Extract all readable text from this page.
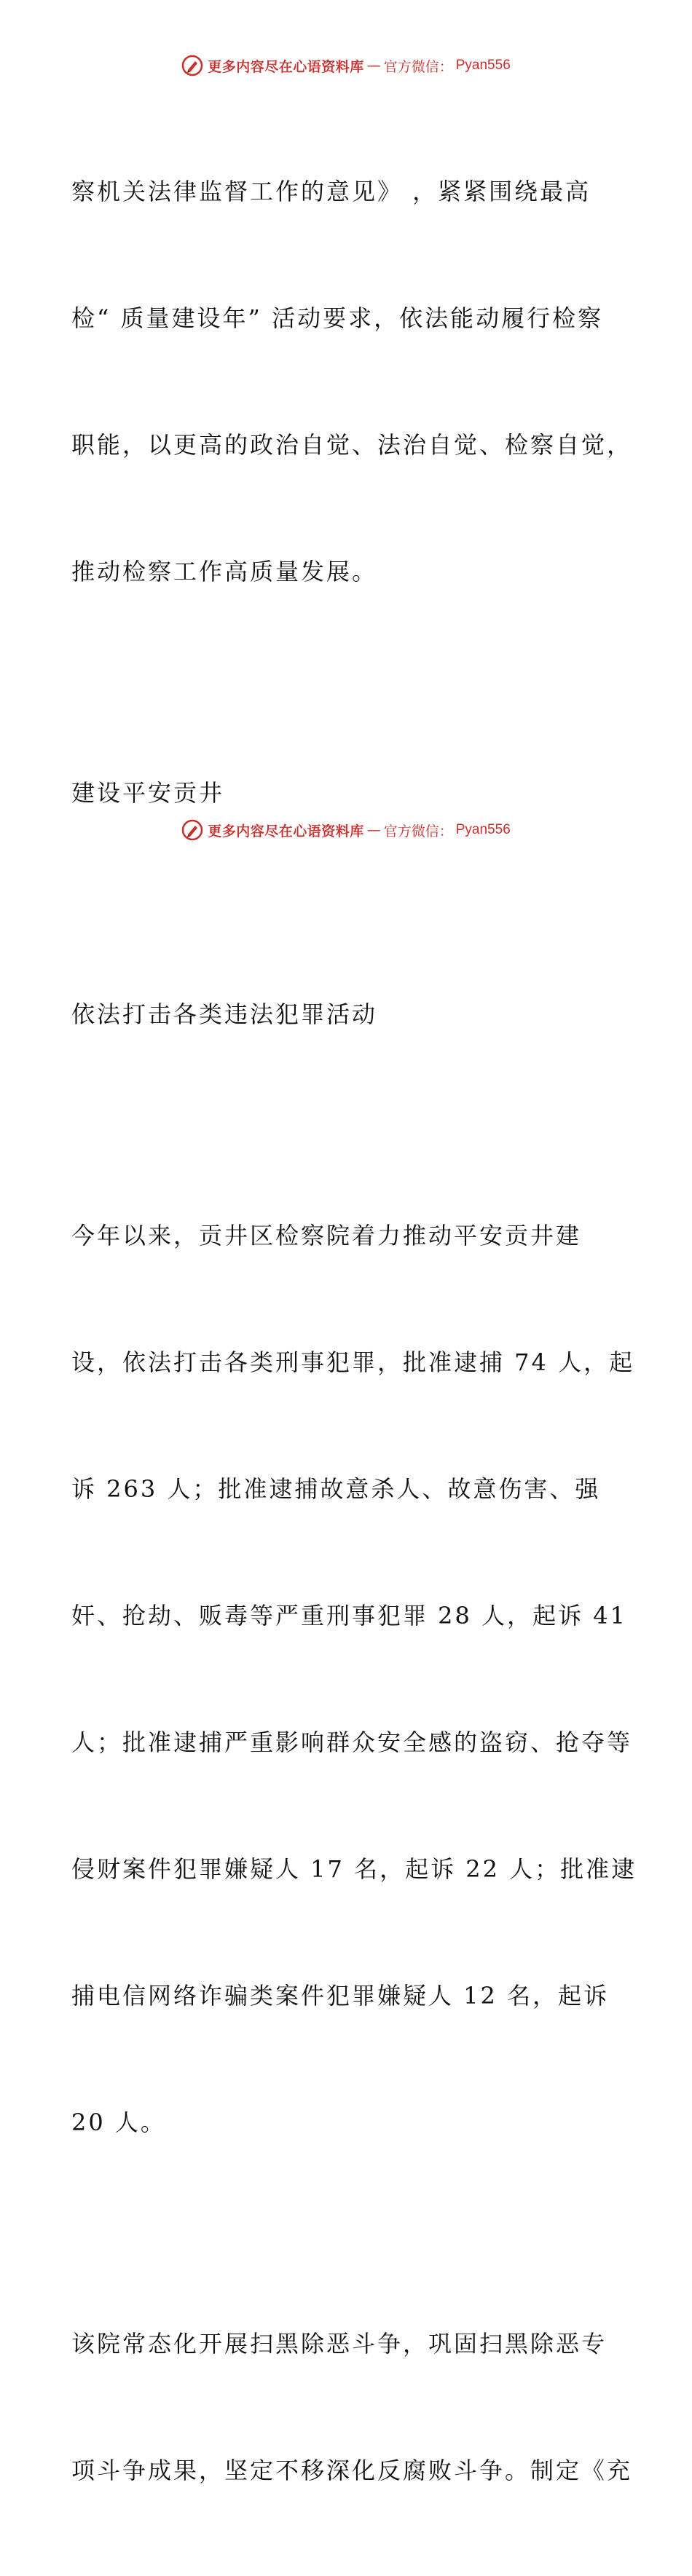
更多内容尽在心语资料库 — 官方微信： Pyan556

察机关法律监督工作的意见》 ，紧紧围绕最高

检“ 质量建设年” 活动要求，依法能动履行检察

职能，以更高的政治自觉、法治自觉、检察自觉，

推动检察工作高质量发展。

建设平安贡井

依法打击各类违法犯罪活动

今年以来，贡井区检察院着力推动平安贡井建

设，依法打击各类刑事犯罪，批准逮捕 74 人，起

诉 263 人；批准逮捕故意杀人、故意伤害、强

奸、抢劫、贩毒等严重刑事犯罪 28 人，起诉 41

人；批准逮捕严重影响群众安全感的盗窃、抢夺等

侵财案件犯罪嫌疑人 17 名，起诉 22 人；批准逮

捕电信网络诈骗类案件犯罪嫌疑人 12 名，起诉

20 人。

该院常态化开展扫黑除恶斗争，巩固扫黑除恶专

项斗争成果，坚定不移深化反腐败斗争。制定《充

更多内容尽在心语资料库 — 官方微信： Pyan556
